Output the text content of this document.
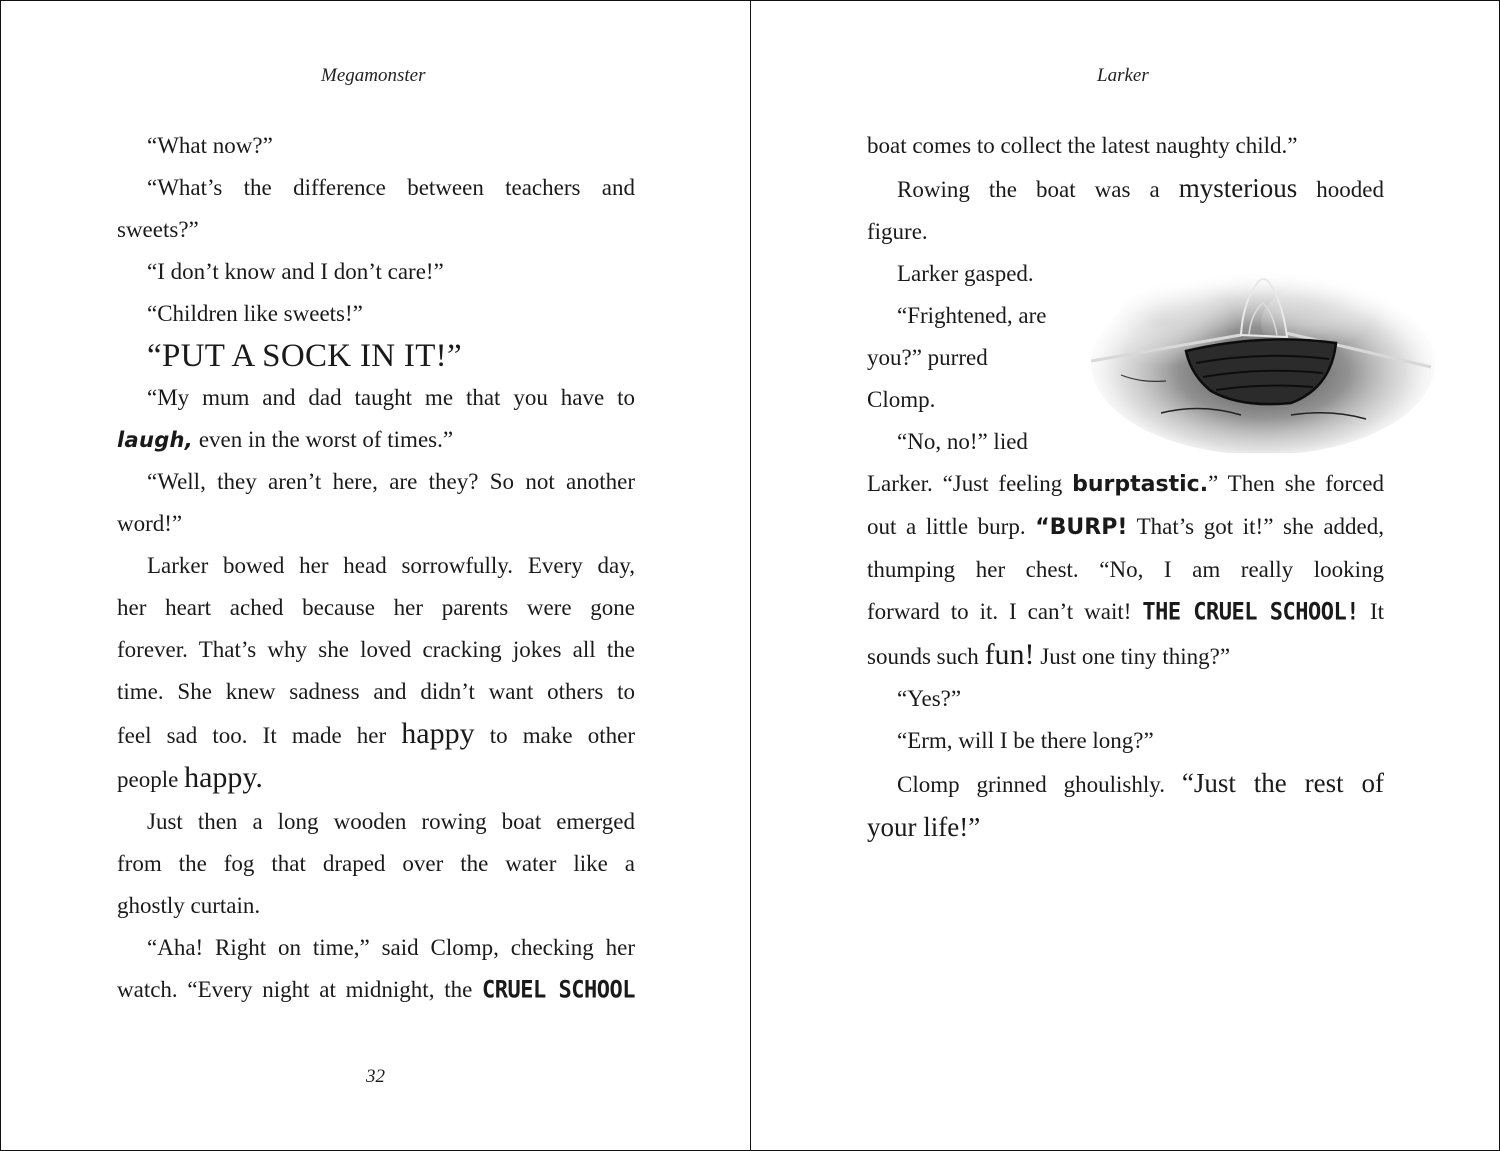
Megamonster

“What now?”

“What’s the difference between teachers and

sweets?”

“I don’t know and I don’t care!”

“Children like sweets!”

“PUT A SOCK IN IT!”

“My mum and dad taught me that you have to

laugh, even in the worst of times.”

“Well, they aren’t here, are they? So not another

word!”

Larker bowed her head sorrowfully. Every day,

her heart ached because her parents were gone

forever. That’s why she loved cracking jokes all the

time. She knew sadness and didn’t want others to

feel sad too. It made her happy to make other

people happy.

Just then a long wooden rowing boat emerged

from the fog that draped over the water like a

ghostly curtain.

“Aha! Right on time,” said Clomp, checking her

watch. “Every night at midnight, the CRUEL SCHOOL

32
Larker

boat comes to collect the latest naughty child.”

Rowing the boat was a mysterious hooded

figure.

Larker gasped.

“Frightened, are

you?” purred

Clomp.

“No, no!” lied

Larker. “Just feeling burptastic.” Then she forced

out a little burp. “BURP! That’s got it!” she added,

thumping her chest. “No, I am really looking

forward to it. I can’t wait! THE CRUEL SCHOOL! It

sounds such fun! Just one tiny thing?”

“Yes?”

“Erm, will I be there long?”

Clomp grinned ghoulishly. “Just the rest of

your life!”
